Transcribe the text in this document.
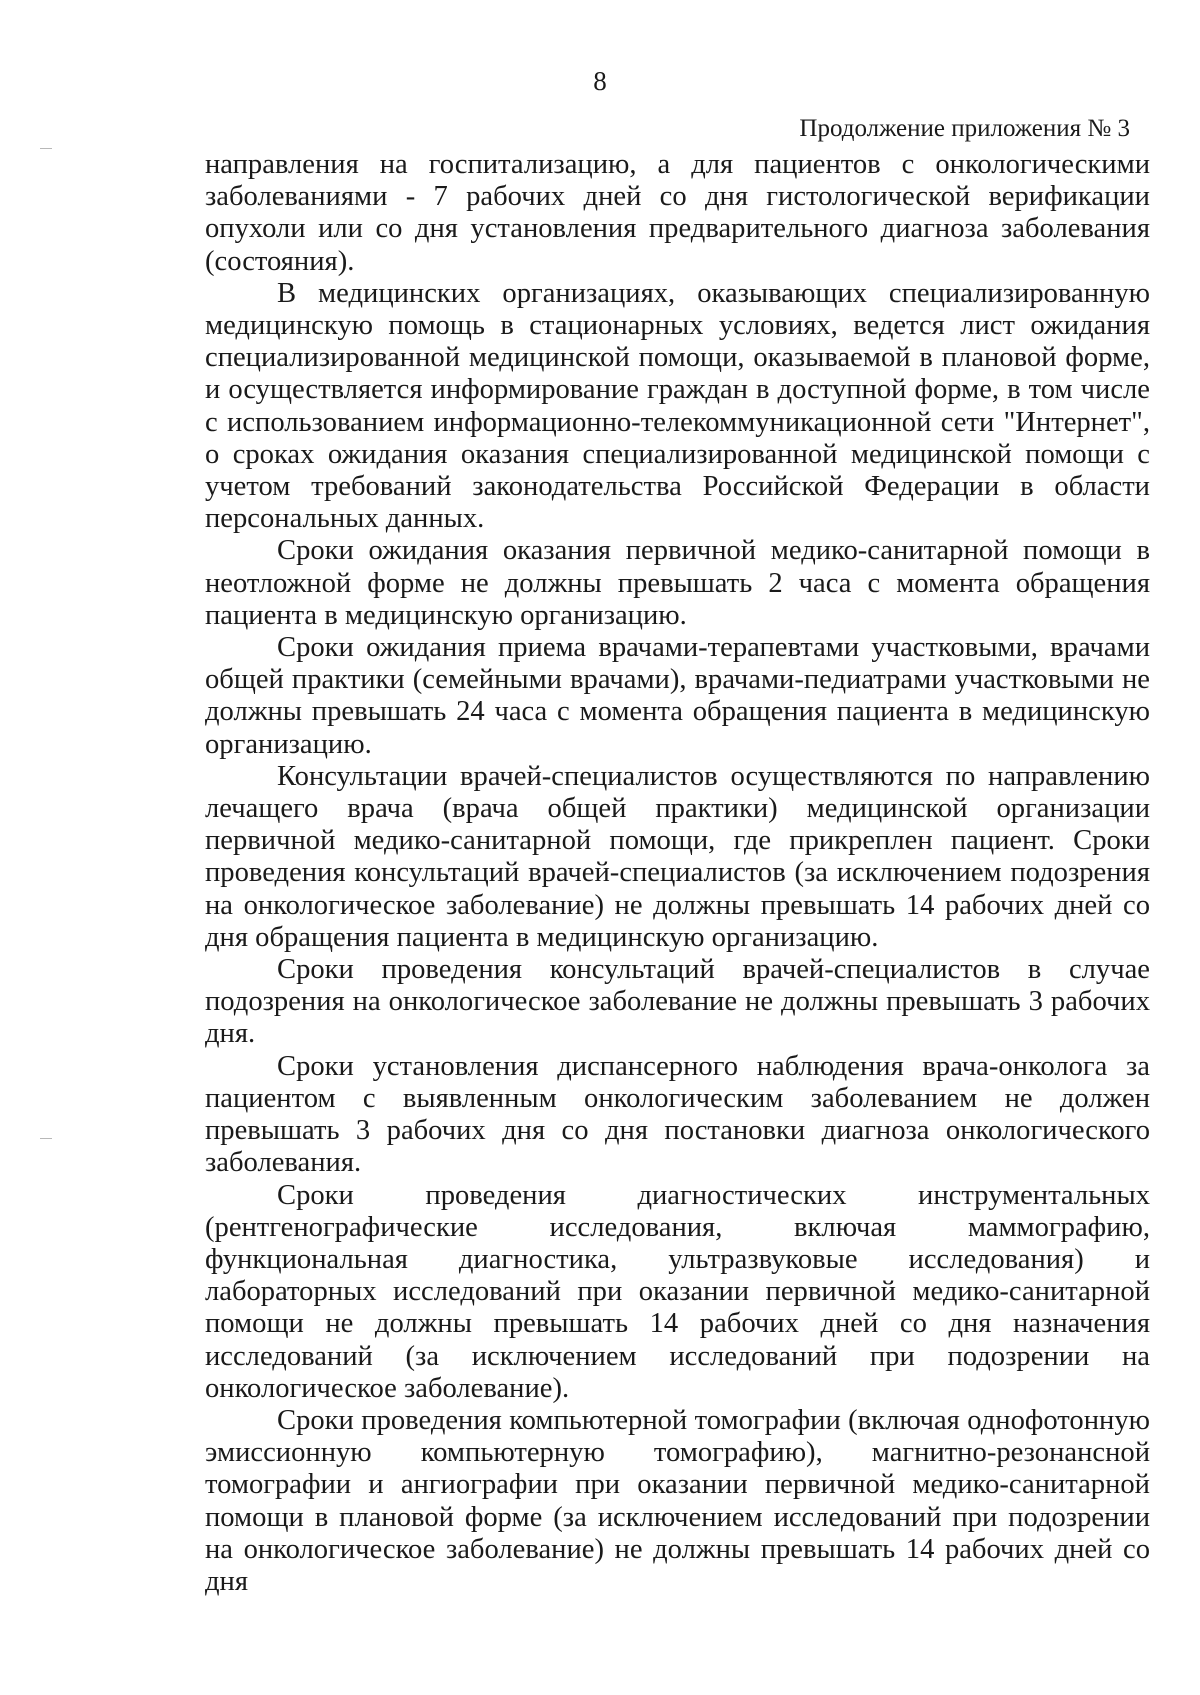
8
Продолжение приложения № 3

направления на госпитализацию, а для пациентов с онкологическими заболеваниями - 7 рабочих дней со дня гистологической верификации опухоли или со дня установления предварительного диагноза заболевания (состояния).

В медицинских организациях, оказывающих специализированную медицинскую помощь в стационарных условиях, ведется лист ожидания специализированной медицинской помощи, оказываемой в плановой форме, и осуществляется информирование граждан в доступной форме, в том числе с использованием информационно-телекоммуникационной сети "Интернет", о сроках ожидания оказания специализированной медицинской помощи с учетом требований законодательства Российской Федерации в области персональных данных.

Сроки ожидания оказания первичной медико-санитарной помощи в неотложной форме не должны превышать 2 часа с момента обращения пациента в медицинскую организацию.

Сроки ожидания приема врачами-терапевтами участковыми, врачами общей практики (семейными врачами), врачами-педиатрами участковыми не должны превышать 24 часа с момента обращения пациента в медицинскую организацию.

Консультации врачей-специалистов осуществляются по направлению лечащего врача (врача общей практики) медицинской организации первичной медико-санитарной помощи, где прикреплен пациент. Сроки проведения консультаций врачей-специалистов (за исключением подозрения на онкологическое заболевание) не должны превышать 14 рабочих дней со дня обращения пациента в медицинскую организацию.

Сроки проведения консультаций врачей-специалистов в случае подозрения на онкологическое заболевание не должны превышать 3 рабочих дня.

Сроки установления диспансерного наблюдения врача-онколога за пациентом с выявленным онкологическим заболеванием не должен превышать 3 рабочих дня со дня постановки диагноза онкологического заболевания.

Сроки проведения диагностических инструментальных (рентгенографические исследования, включая маммографию, функциональная диагностика, ультразвуковые исследования) и лабораторных исследований при оказании первичной медико-санитарной помощи не должны превышать 14 рабочих дней со дня назначения исследований (за исключением исследований при подозрении на онкологическое заболевание).

Сроки проведения компьютерной томографии (включая однофотонную эмиссионную компьютерную томографию), магнитно-резонансной томографии и ангиографии при оказании первичной медико-санитарной помощи в плановой форме (за исключением исследований при подозрении на онкологическое заболевание) не должны превышать 14 рабочих дней со дня
